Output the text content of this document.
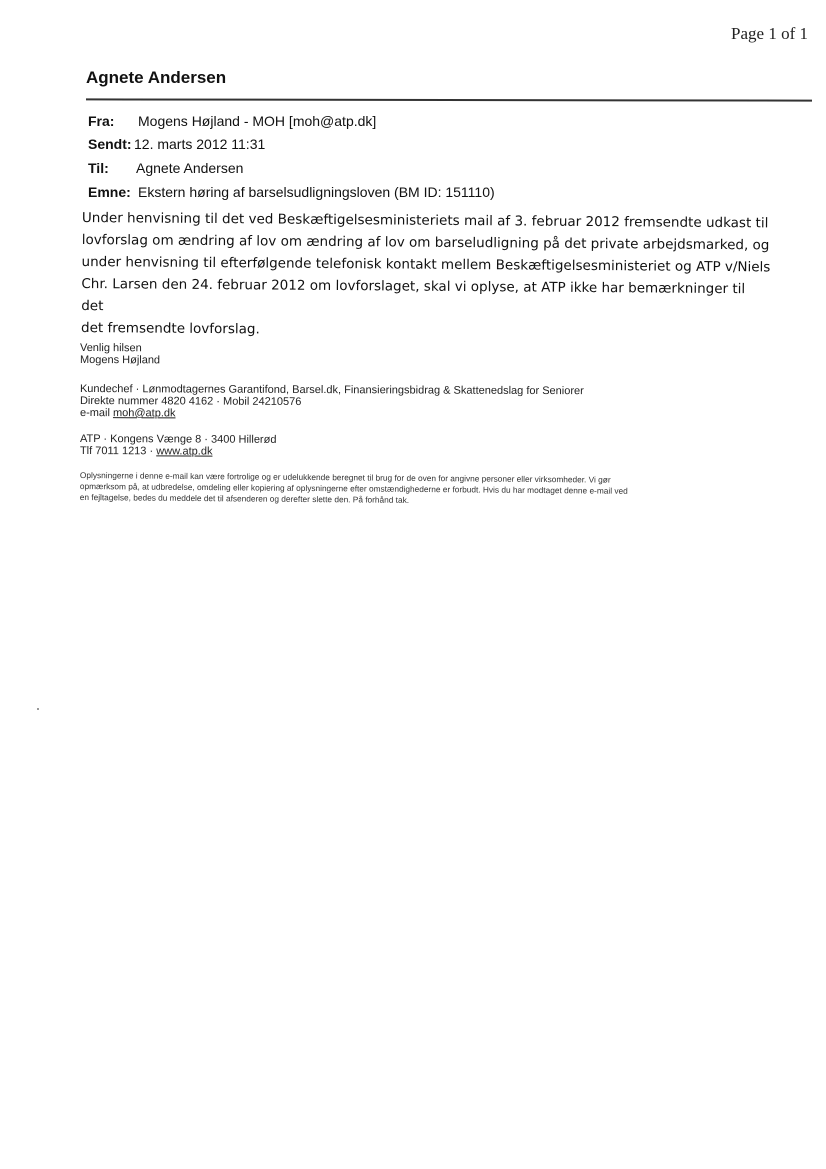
Page 1 of 1
Agnete Andersen
Fra: Mogens Højland - MOH [moh@atp.dk]
Sendt: 12. marts 2012 11:31
Til: Agnete Andersen
Emne: Ekstern høring af barselsudligningsloven (BM ID: 151110)
Under henvisning til det ved Beskæftigelsesministeriets mail af 3. februar 2012 fremsendte udkast til
lovforslag om ændring af lov om ændring af lov om barseludligning på det private arbejdsmarked, og
under henvisning til efterfølgende telefonisk kontakt mellem Beskæftigelsesministeriet og ATP v/Niels
Chr. Larsen den 24. februar 2012 om lovforslaget, skal vi oplyse, at ATP ikke har bemærkninger til det
det fremsendte lovforslag.
Venlig hilsen
Mogens Højland
Kundechef · Lønmodtagernes Garantifond, Barsel.dk, Finansieringsbidrag & Skattenedslag for Seniorer
Direkte nummer 4820 4162 · Mobil 24210576
e-mail moh@atp.dk
ATP · Kongens Vænge 8 · 3400 Hillerød
Tlf 7011 1213 · www.atp.dk
Oplysningerne i denne e-mail kan være fortrolige og er udelukkende beregnet til brug for de oven for angivne personer eller virksomheder. Vi gør
opmærksom på, at udbredelse, omdeling eller kopiering af oplysningerne efter omstændighederne er forbudt. Hvis du har modtaget denne e-mail ved
en fejltagelse, bedes du meddele det til afsenderen og derefter slette den. På forhånd tak.
